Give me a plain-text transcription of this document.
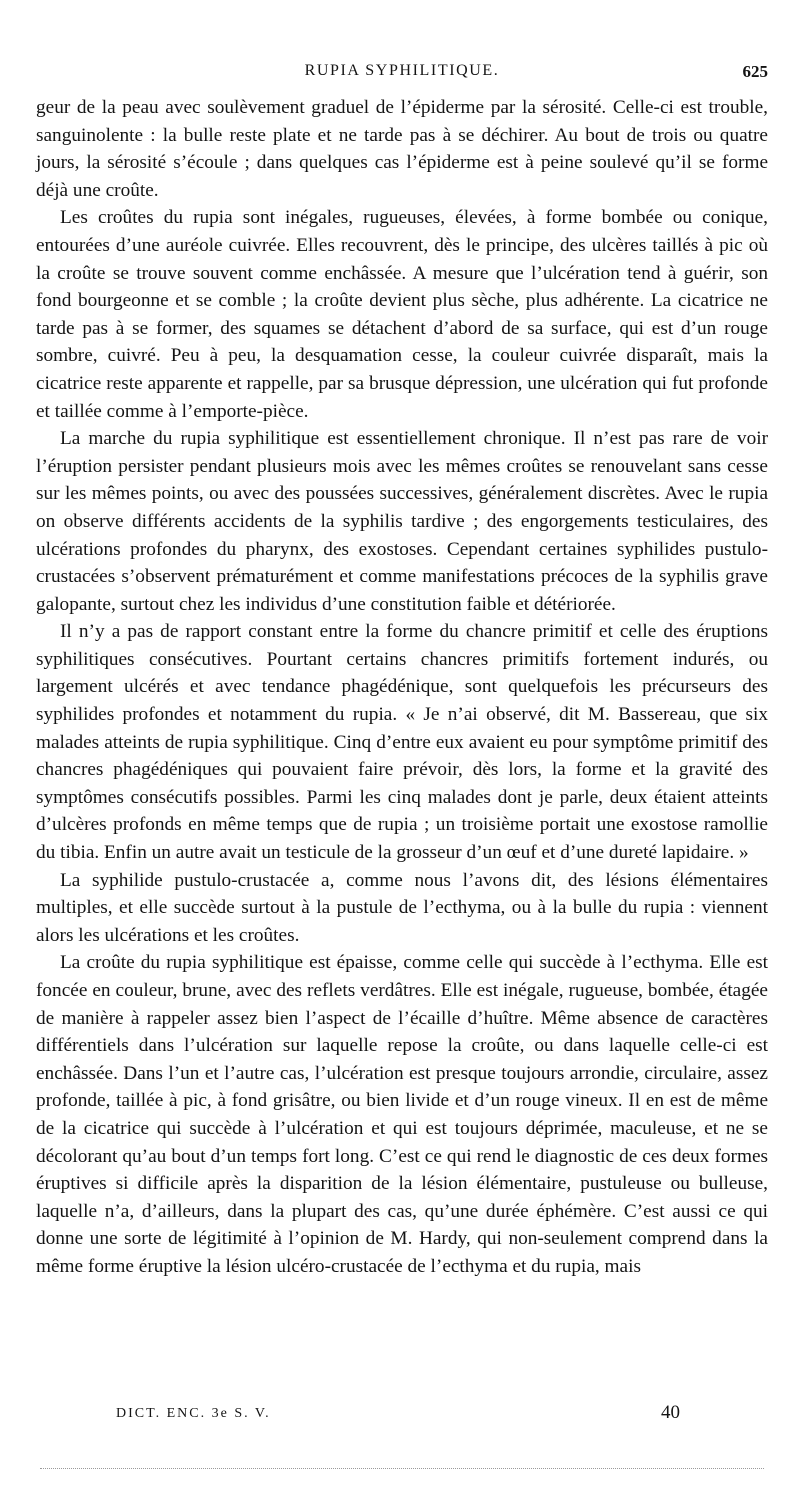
RUPIA SYPHILITIQUE.	625

geur de la peau avec soulèvement graduel de l’épiderme par la sérosité. Celle-ci est trouble, sanguinolente : la bulle reste plate et ne tarde pas à se déchirer. Au bout de trois ou quatre jours, la sérosité s’écoule ; dans quelques cas l’épiderme est à peine soulevé qu’il se forme déjà une croûte.

Les croûtes du rupia sont inégales, rugueuses, élevées, à forme bombée ou conique, entourées d’une auréole cuivrée. Elles recouvrent, dès le principe, des ulcères taillés à pic où la croûte se trouve souvent comme enchâssée. A mesure que l’ulcération tend à guérir, son fond bourgeonne et se comble ; la croûte devient plus sèche, plus adhérente. La cicatrice ne tarde pas à se former, des squames se détachent d’abord de sa surface, qui est d’un rouge sombre, cuivré. Peu à peu, la desquamation cesse, la couleur cuivrée disparaît, mais la cicatrice reste apparente et rappelle, par sa brusque dépression, une ulcération qui fut profonde et taillée comme à l’emporte-pièce.

La marche du rupia syphilitique est essentiellement chronique. Il n’est pas rare de voir l’éruption persister pendant plusieurs mois avec les mêmes croûtes se renouvelant sans cesse sur les mêmes points, ou avec des poussées successives, généralement discrètes. Avec le rupia on observe différents accidents de la syphilis tardive ; des engorgements testiculaires, des ulcérations profondes du pharynx, des exostoses. Cependant certaines syphilides pustulo-crustacées s’observent prématurément et comme manifestations précoces de la syphilis grave galopante, surtout chez les individus d’une constitution faible et détériorée.

Il n’y a pas de rapport constant entre la forme du chancre primitif et celle des éruptions syphilitiques consécutives. Pourtant certains chancres primitifs fortement indurés, ou largement ulcérés et avec tendance phagédénique, sont quelquefois les précurseurs des syphilides profondes et notamment du rupia. « Je n’ai observé, dit M. Bassereau, que six malades atteints de rupia syphilitique. Cinq d’entre eux avaient eu pour symptôme primitif des chancres phagédéniques qui pouvaient faire prévoir, dès lors, la forme et la gravité des symptômes consécutifs possibles. Parmi les cinq malades dont je parle, deux étaient atteints d’ulcères profonds en même temps que de rupia ; un troisième portait une exostose ramollie du tibia. Enfin un autre avait un testicule de la grosseur d’un œuf et d’une dureté lapidaire. »

La syphilide pustulo-crustacée a, comme nous l’avons dit, des lésions élémentaires multiples, et elle succède surtout à la pustule de l’ecthyma, ou à la bulle du rupia : viennent alors les ulcérations et les croûtes.

La croûte du rupia syphilitique est épaisse, comme celle qui succède à l’ecthyma. Elle est foncée en couleur, brune, avec des reflets verdâtres. Elle est inégale, rugueuse, bombée, étagée de manière à rappeler assez bien l’aspect de l’écaille d’huître. Même absence de caractères différentiels dans l’ulcération sur laquelle repose la croûte, ou dans laquelle celle-ci est enchâssée. Dans l’un et l’autre cas, l’ulcération est presque toujours arrondie, circulaire, assez profonde, taillée à pic, à fond grisâtre, ou bien livide et d’un rouge vineux. Il en est de même de la cicatrice qui succède à l’ulcération et qui est toujours déprimée, maculeuse, et ne se décolorant qu’au bout d’un temps fort long. C’est ce qui rend le diagnostic de ces deux formes éruptives si difficile après la disparition de la lésion élémentaire, pustuleuse ou bulleuse, laquelle n’a, d’ailleurs, dans la plupart des cas, qu’une durée éphémère. C’est aussi ce qui donne une sorte de légitimité à l’opinion de M. Hardy, qui non-seulement comprend dans la même forme éruptive la lésion ulcéro-crustacée de l’ecthyma et du rupia, mais

DICT. ENC. 3e S. V.	40
